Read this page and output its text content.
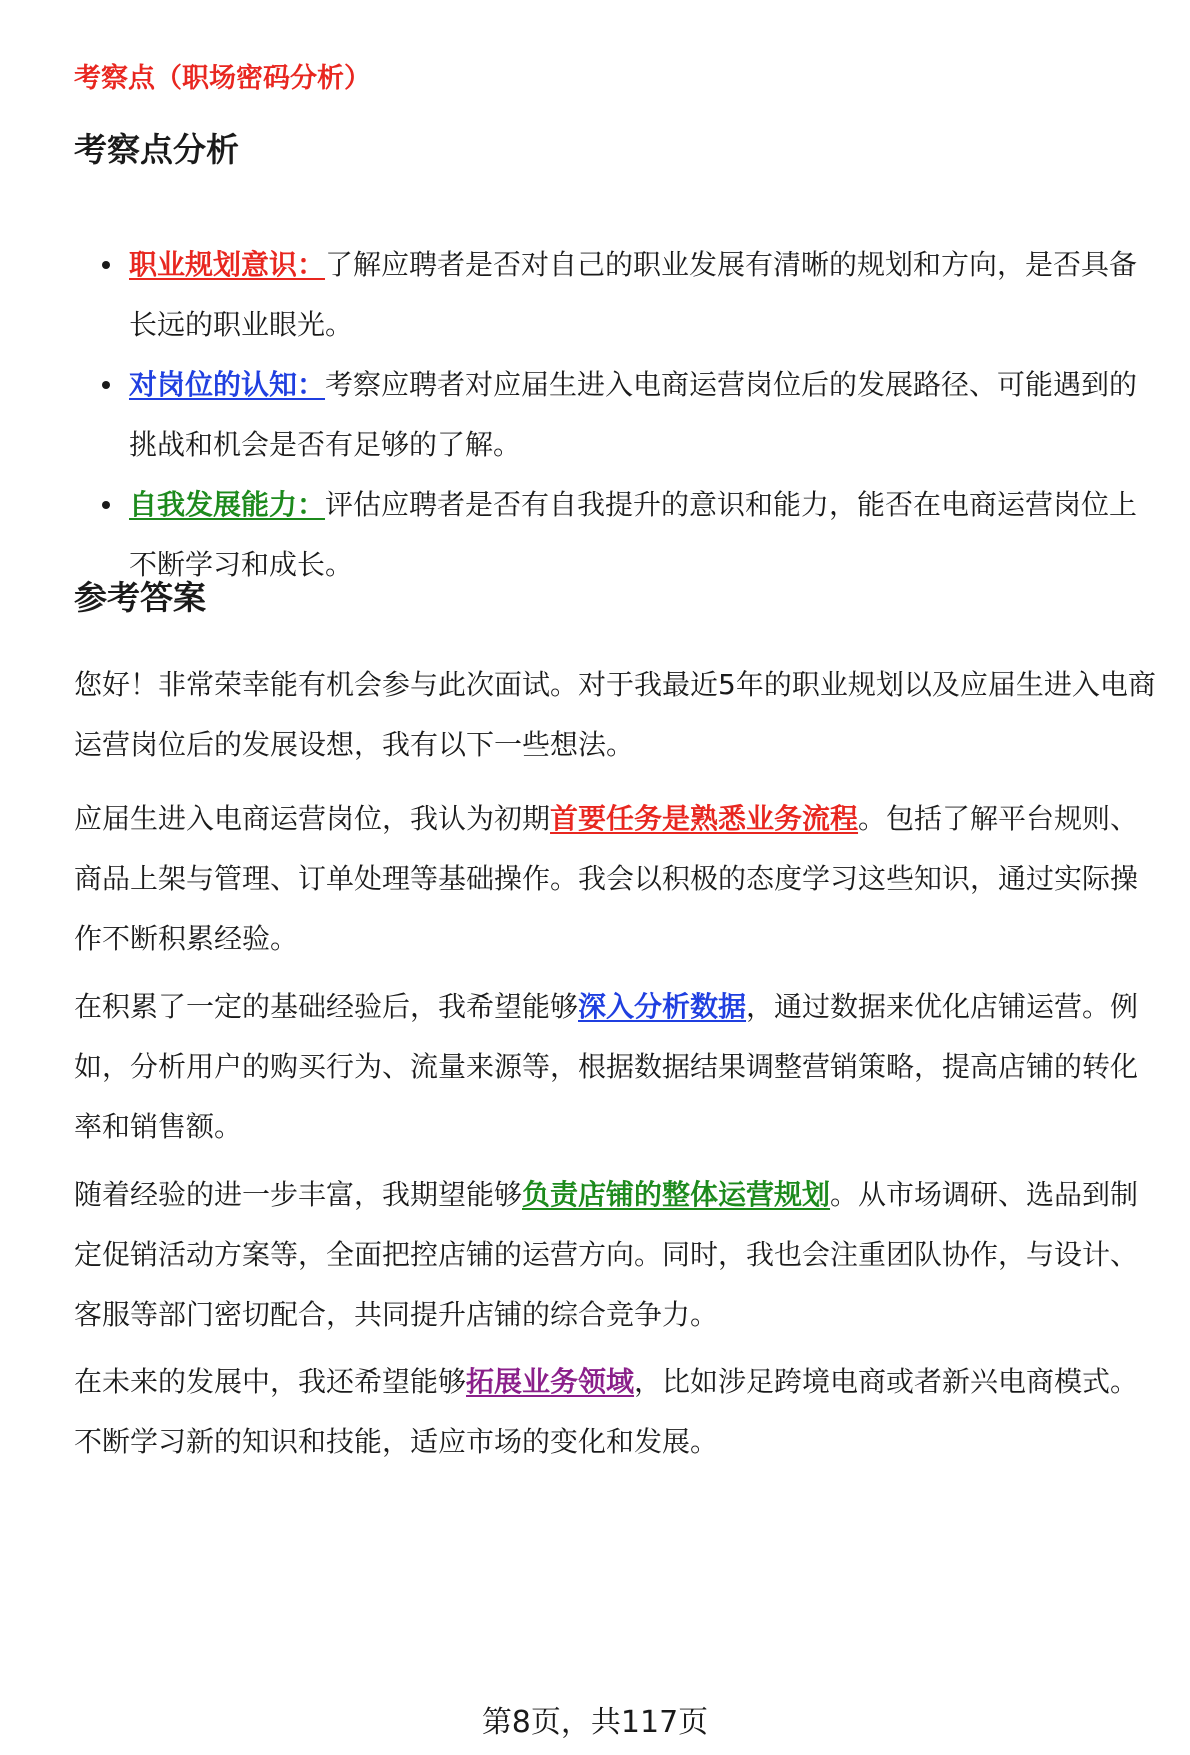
考察点（职场密码分析）
考察点分析
职业规划意识：了解应聘者是否对自己的职业发展有清晰的规划和方向，是否具备长远的职业眼光。
对岗位的认知：考察应聘者对应届生进入电商运营岗位后的发展路径、可能遇到的挑战和机会是否有足够的了解。
自我发展能力：评估应聘者是否有自我提升的意识和能力，能否在电商运营岗位上不断学习和成长。
参考答案

您好！非常荣幸能有机会参与此次面试。对于我最近5年的职业规划以及应届生进入电商运营岗位后的发展设想，我有以下一些想法。

应届生进入电商运营岗位，我认为初期首要任务是熟悉业务流程。包括了解平台规则、商品上架与管理、订单处理等基础操作。我会以积极的态度学习这些知识，通过实际操作不断积累经验。

在积累了一定的基础经验后，我希望能够深入分析数据，通过数据来优化店铺运营。例如，分析用户的购买行为、流量来源等，根据数据结果调整营销策略，提高店铺的转化率和销售额。

随着经验的进一步丰富，我期望能够负责店铺的整体运营规划。从市场调研、选品到制定促销活动方案等，全面把控店铺的运营方向。同时，我也会注重团队协作，与设计、客服等部门密切配合，共同提升店铺的综合竞争力。

在未来的发展中，我还希望能够拓展业务领域，比如涉足跨境电商或者新兴电商模式。不断学习新的知识和技能，适应市场的变化和发展。

第8页，共117页
